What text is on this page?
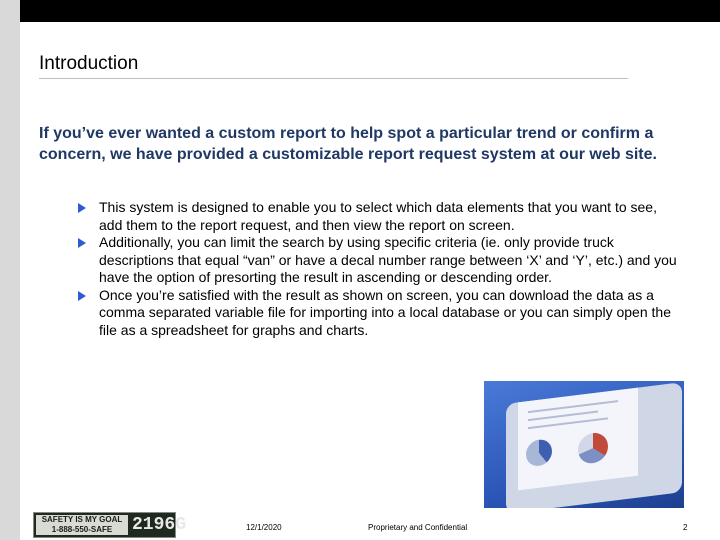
Introduction
If you’ve ever wanted a custom report to help spot a particular trend or confirm a concern, we have provided a customizable report request system at our web site.
This system is designed to enable you to select which data elements that you want to see, add them to the report request, and then view the report on screen.
Additionally, you can limit the search by using specific criteria (ie. only provide truck descriptions that equal “van” or have a decal number range between ‘X’ and ‘Y’, etc.) and you have the option of presorting the result in ascending or descending order.
Once you’re satisfied with the result as shown on screen, you can download the data as a comma separated variable file for importing into a local database or you can simply open the file as a spreadsheet for graphs and charts.
SAFETY IS MY GOAL
1-888-550-SAFE	2196G	12/1/2020	Proprietary and Confidential	2
